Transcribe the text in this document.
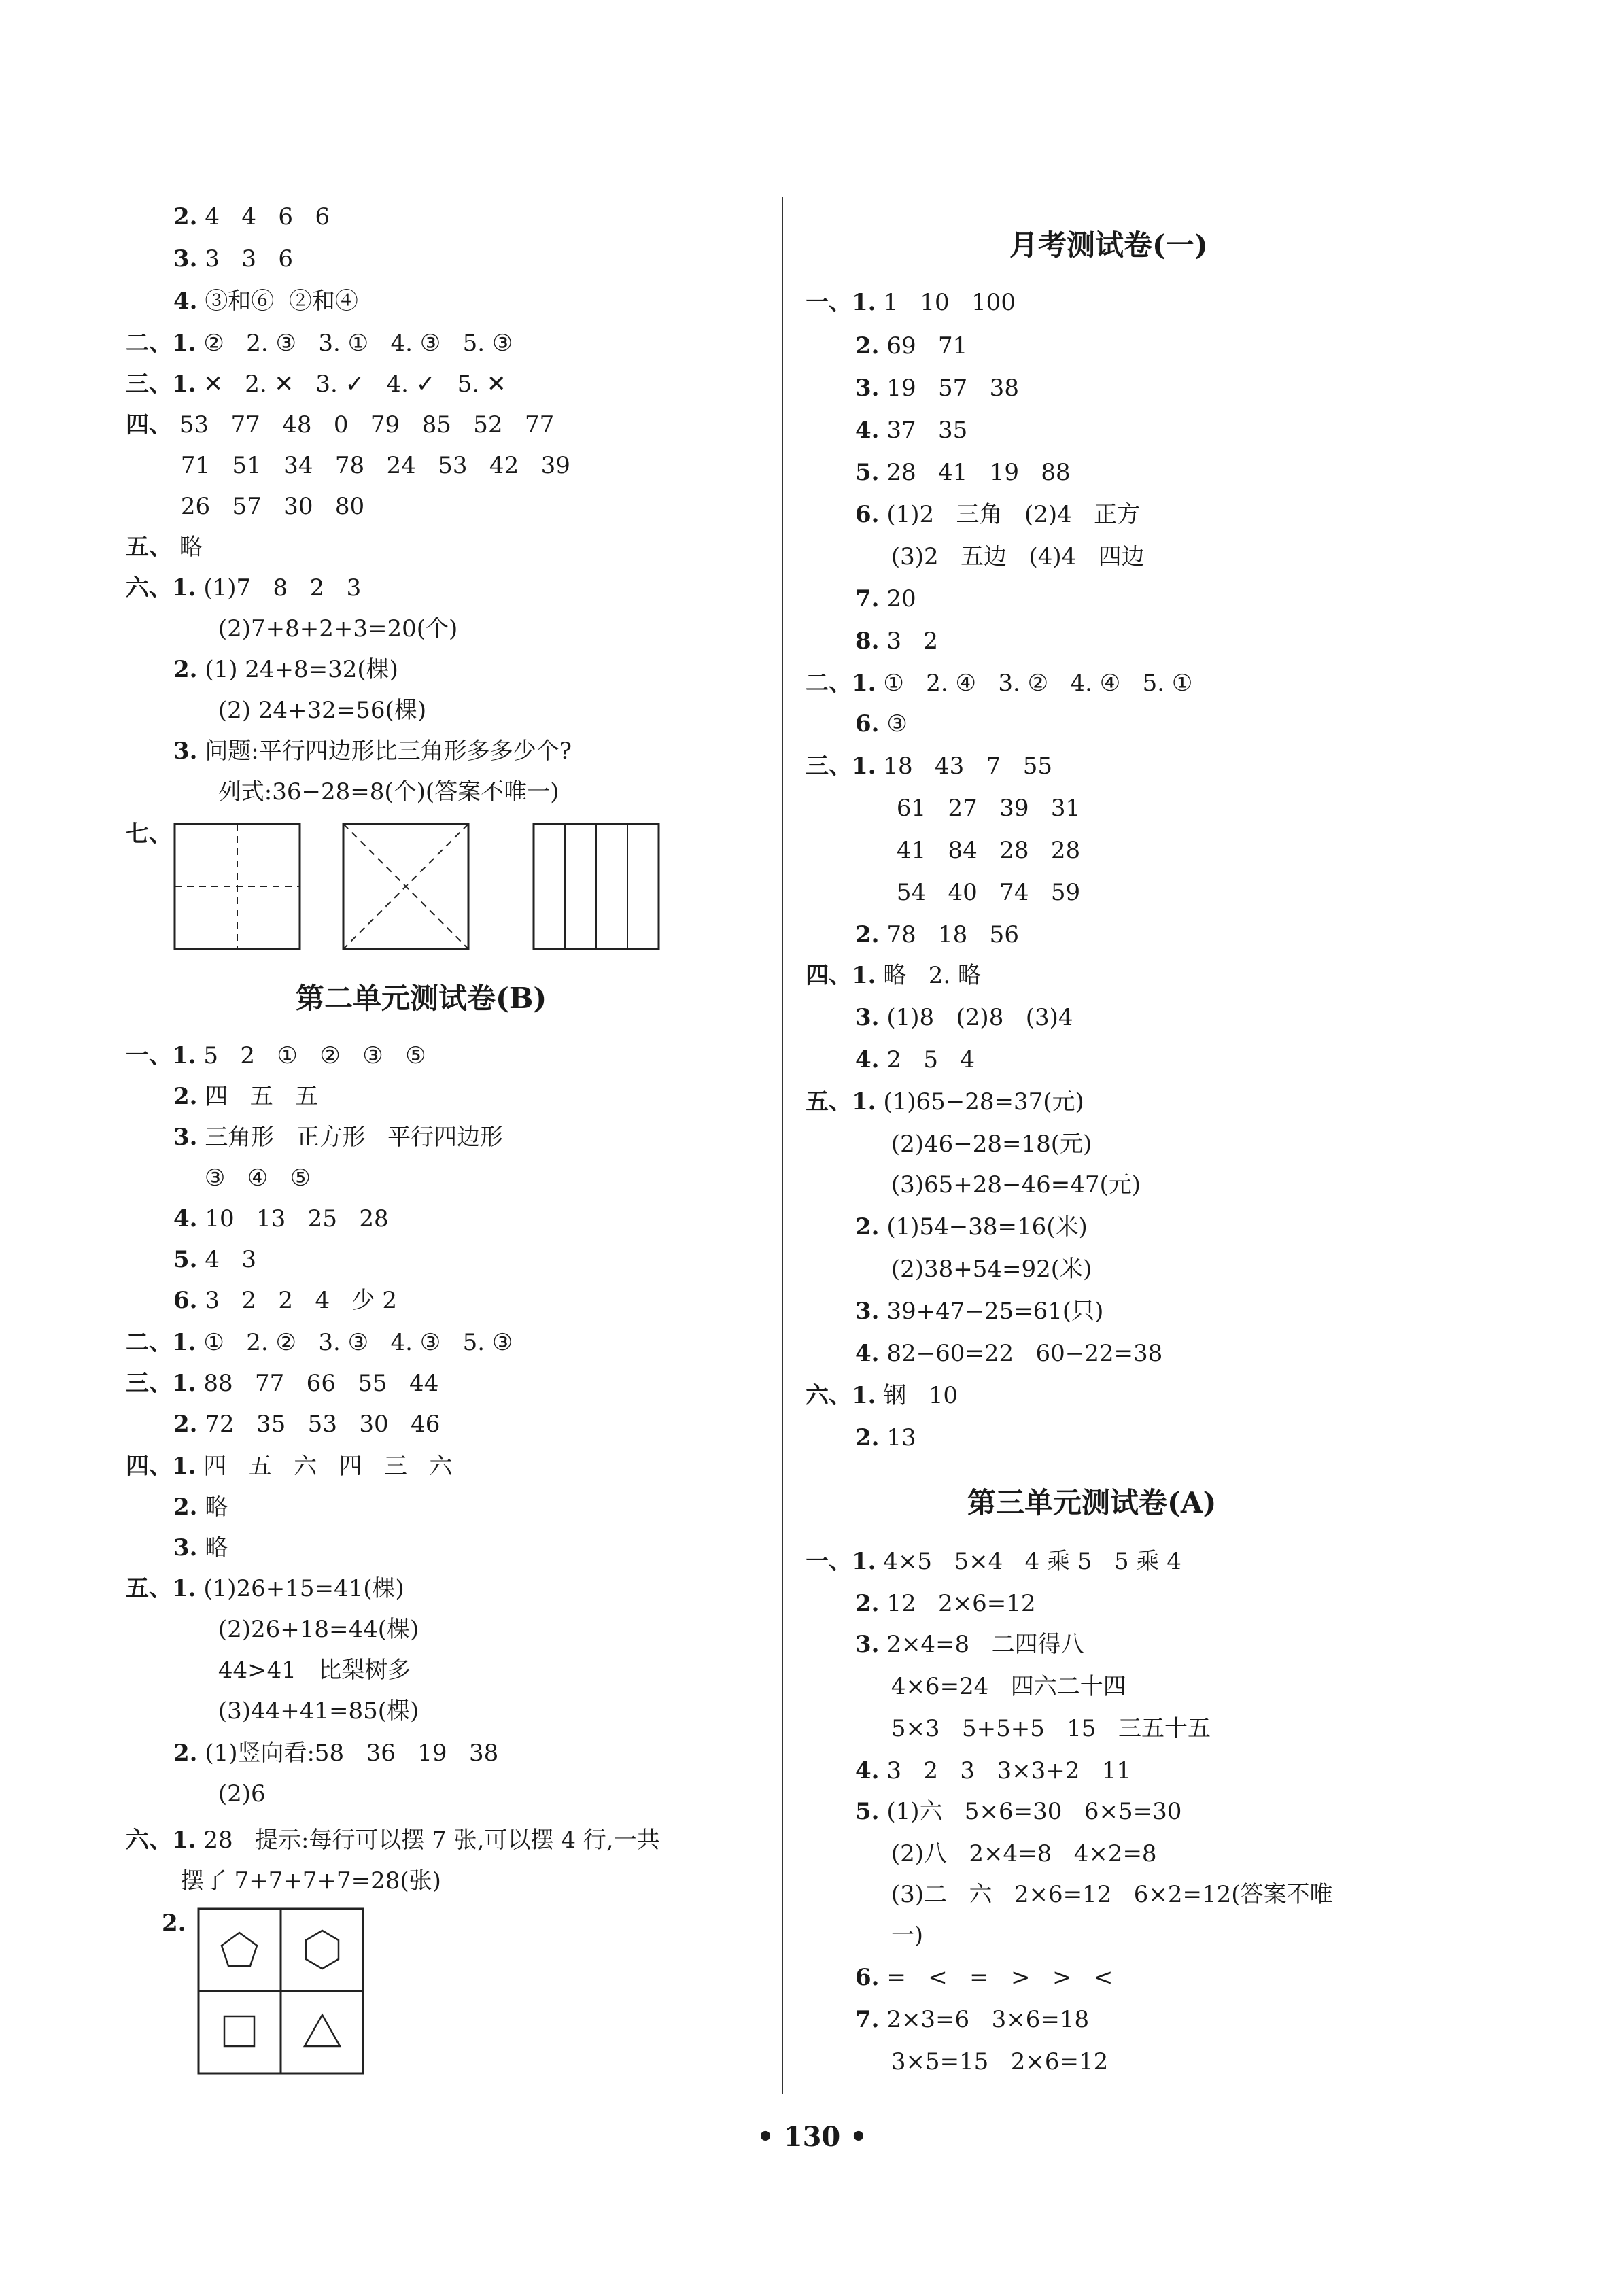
月考测试卷(一)
第二单元测试卷(B)
第三单元测试卷(A)
2. 4   4   6   6
3. 3   3   6
4. ③和⑥  ②和④
二、1. ②   2. ③   3. ①   4. ③   5. ③
三、1. ✕   2. ✕   3. ✓   4. ✓   5. ✕
四、 53   77   48   0   79   85   52   77
71   51   34   78   24   53   42   39
26   57   30   80
五、 略
六、1. (1)7   8   2   3
(2)7+8+2+3=20(个)
2. (1) 24+8=32(棵)
(2) 24+32=56(棵)
3. 问题:平行四边形比三角形多多少个?
列式:36−28=8(个)(答案不唯一)
七、
一、1. 5   2   ①   ②   ③   ⑤
2. 四   五   五
3. 三角形   正方形   平行四边形
③   ④   ⑤
4. 10   13   25   28
5. 4   3
6. 3   2   2   4   少 2
二、1. ①   2. ②   3. ③   4. ③   5. ③
三、1. 88   77   66   55   44
2. 72   35   53   30   46
四、1. 四   五   六   四   三   六
2. 略
3. 略
五、1. (1)26+15=41(棵)
(2)26+18=44(棵)
44>41   比梨树多
(3)44+41=85(棵)
2. (1)竖向看:58   36   19   38
(2)6
六、1. 28   提示:每行可以摆 7 张,可以摆 4 行,一共
摆了 7+7+7+7=28(张)
2.
一、1. 1   10   100
2. 69   71
3. 19   57   38
4. 37   35
5. 28   41   19   88
6. (1)2   三角   (2)4   正方
(3)2   五边   (4)4   四边
7. 20
8. 3   2
二、1. ①   2. ④   3. ②   4. ④   5. ①
6. ③
三、1. 18   43   7   55
61   27   39   31
41   84   28   28
54   40   74   59
2. 78   18   56
四、1. 略   2. 略
3. (1)8   (2)8   (3)4
4. 2   5   4
五、1. (1)65−28=37(元)
(2)46−28=18(元)
(3)65+28−46=47(元)
2. (1)54−38=16(米)
(2)38+54=92(米)
3. 39+47−25=61(只)
4. 82−60=22   60−22=38
六、1. 钢   10
2. 13
一、1. 4×5   5×4   4 乘 5   5 乘 4
2. 12   2×6=12
3. 2×4=8   二四得八
4×6=24   四六二十四
5×3   5+5+5   15   三五十五
4. 3   2   3   3×3+2   11
5. (1)六   5×6=30   6×5=30
(2)八   2×4=8   4×2=8
(3)二   六   2×6=12   6×2=12(答案不唯
一)
6. =   <   =   >   >   <
7. 2×3=6   3×6=18
3×5=15   2×6=12
• 130 •
